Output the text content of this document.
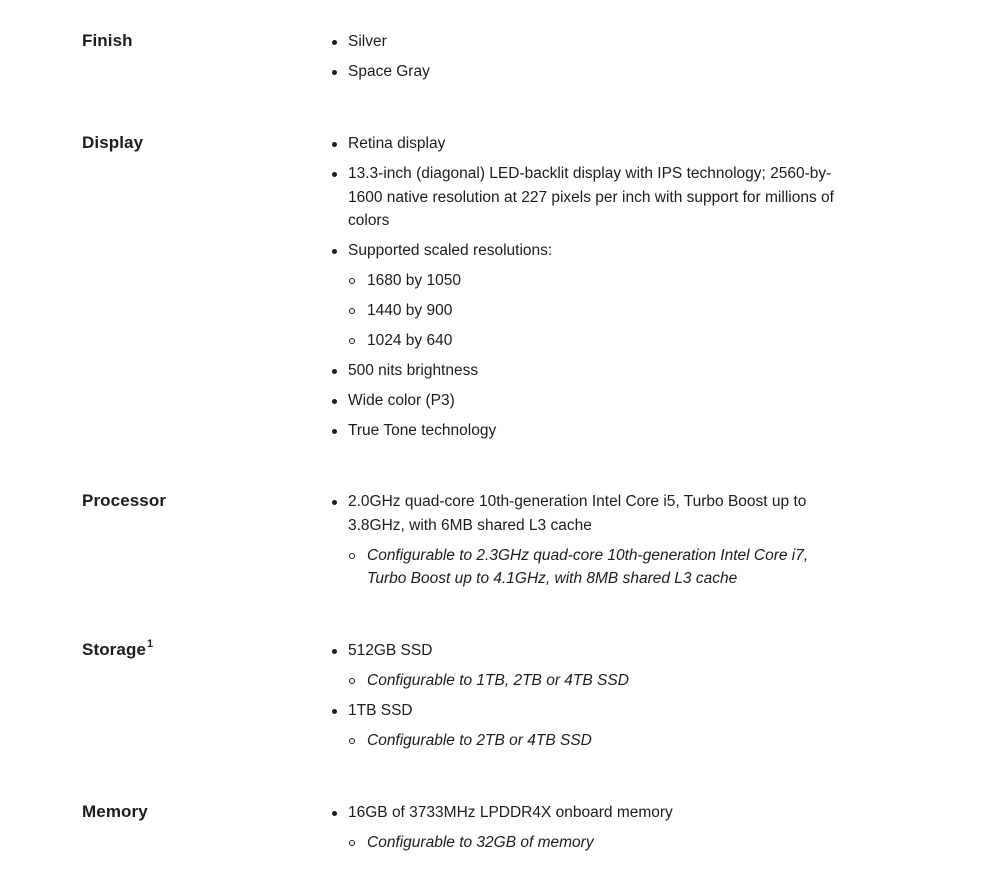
Finish	Silver
Space Gray
Display	Retina display
13.3-inch (diagonal) LED-backlit display with IPS technology; 2560-by-1600 native resolution at 227 pixels per inch with support for millions of colors
Supported scaled resolutions:
1680 by 1050
1440 by 900
1024 by 640
500 nits brightness
Wide color (P3)
True Tone technology
Processor	2.0GHz quad-core 10th-generation Intel Core i5, Turbo Boost up to 3.8GHz, with 6MB shared L3 cache
Configurable to 2.3GHz quad-core 10th-generation Intel Core i7, Turbo Boost up to 4.1GHz, with 8MB shared L3 cache
Storage$^1$	512GB SSD
Configurable to 1TB, 2TB or 4TB SSD
1TB SSD
Configurable to 2TB or 4TB SSD
Memory	16GB of 3733MHz LPDDR4X onboard memory
Configurable to 32GB of memory
